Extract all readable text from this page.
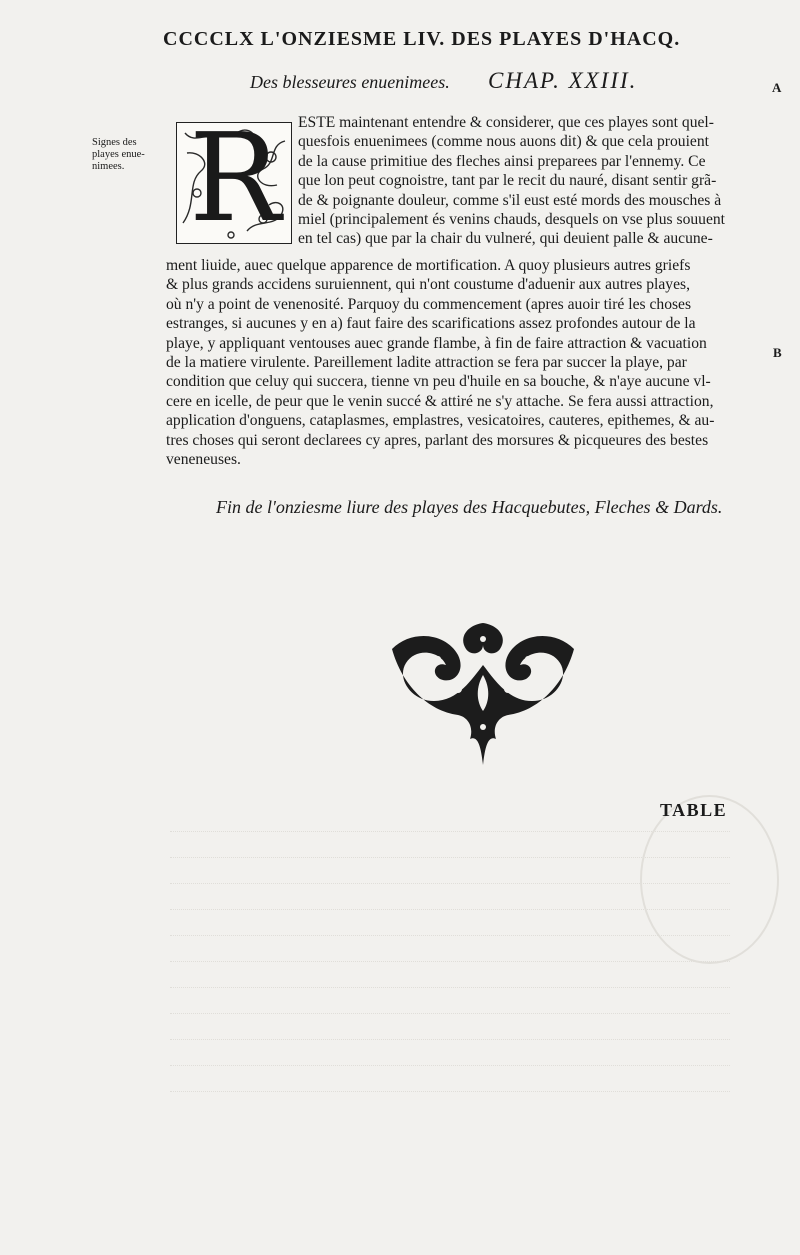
CCCCLX L'ONZIESME LIV. DES PLAYES D'HACQ.
A
B
Des blesseures enuenimees. CHAP. XXIII.
Signes des
playes enue-
nimees. R ESTE maintenant entendre & considerer, que ces playes sont quel-
quesfois enuenimees (comme nous auons dit) & que cela prouient
de la cause primitiue des fleches ainsi preparees par l'ennemy. Ce
que lon peut cognoistre, tant par le recit du nauré, disant sentir grã-
de & poignante douleur, comme s'il eust esté mords des mousches à
miel (principalement és venins chauds, desquels on vse plus souuent
en tel cas) que par la chair du vulneré, qui deuient palle & aucune-
ment liuide, auec quelque apparence de mortification. A quoy plusieurs autres griefs
& plus grands accidens suruiennent, qui n'ont coustume d'aduenir aux autres playes,
où n'y a point de venenosité. Parquoy du commencement (apres auoir tiré les choses
estranges, si aucunes y en a) faut faire des scarifications assez profondes autour de la
playe, y appliquant ventouses auec grande flambe, à fin de faire attraction & vacuation
de la matiere virulente. Pareillement ladite attraction se fera par succer la playe, par
condition que celuy qui succera, tienne vn peu d'huile en sa bouche, & n'aye aucune vl-
cere en icelle, de peur que le venin succé & attiré ne s'y attache. Se fera aussi attraction,
application d'onguens, cataplasmes, emplastres, vesicatoires, cauteres, epithemes, & au-
tres choses qui seront declarees cy apres, parlant des morsures & picqueures des bestes
veneneuses.
Fin de l'onziesme liure des playes des Hacquebutes, Fleches & Dards.
TABLE
